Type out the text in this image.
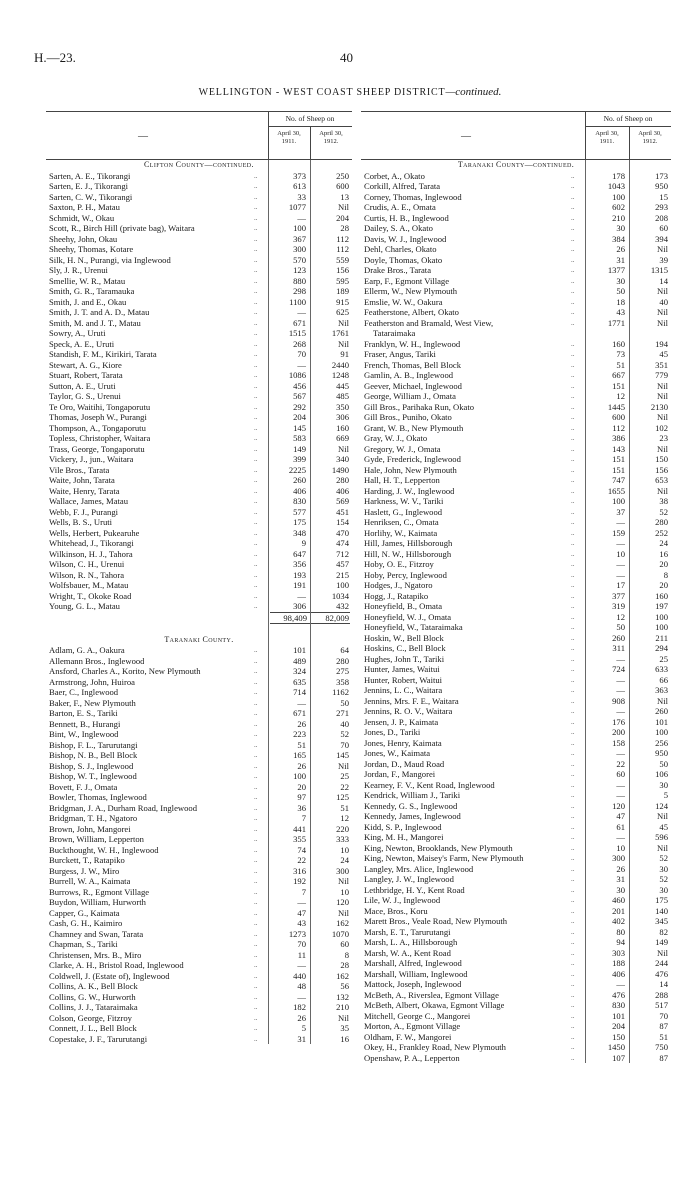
H.—23.	40
WELLINGTON - WEST COAST SHEEP DISTRICT—continued.
—
No. of Sheep on
April 30,
1911.
April 30,
1912.
Clifton County—continued.
Sarten, A. E., Tikorangi	..	373	250
Sarten, E. J., Tikorangi	..	613	600
Sarten, C. W., Tikorangi	..	33	13
Saxton, P. H., Matau	..	1077	Nil
Schmidt, W., Okau	..	—	204
Scott, R., Birch Hill (private bag), Waitara	..	100	28
Sheehy, John, Okau	..	367	112
Sheehy, Thomas, Kotare	..	300	112
Silk, H. N., Purangi, via Inglewood	..	570	559
Sly, J. R., Urenui	..	123	156
Smellie, W. R., Matau	..	880	595
Smith, G. R., Taramauka	..	298	189
Smith, J. and E., Okau	..	1100	915
Smith, J. T. and A. D., Matau	..	—	625
Smith, M. and J. T., Matau	..	671	Nil
Sowry, A., Uruti	..	1515	1761
Speck, A. E., Uruti	..	268	Nil
Standish, F. M., Kirikiri, Tarata	..	70	91
Stewart, A. G., Kiore	..	—	2440
Stuart, Robert, Tarata	..	1086	1248
Sutton, A. E., Uruti	..	456	445
Taylor, G. S., Urenui	..	567	485
Te Oro, Waitihi, Tongaporutu	..	292	350
Thomas, Joseph W., Purangi	..	204	306
Thompson, A., Tongaporutu	..	145	160
Topless, Christopher, Waitara	..	583	669
Trass, George, Tongaporutu	..	149	Nil
Vickery, J., jun., Waitara	..	399	340
Vile Bros., Tarata	..	2225	1490
Waite, John, Tarata	..	260	280
Waite, Henry, Tarata	..	406	406
Wallace, James, Matau	..	830	569
Webb, F. J., Purangi	..	577	451
Wells, B. S., Uruti	..	175	154
Wells, Herbert, Pukearuhe	..	348	470
Whitehead, J., Tikorangi	..	9	474
Wilkinson, H. J., Tahora	..	647	712
Wilson, C. H., Urenui	..	356	457
Wilson, R. N., Tahora	..	193	215
Wolfsbauer, M., Matau	..	191	100
Wright, T., Okoke Road	..	—	1034
Young, G. L., Matau	..	306	432
98,409	82,009
Taranaki County.
Adlam, G. A., Oakura	..	101	64
Allemann Bros., Inglewood	..	489	280
Ansford, Charles A., Korito, New Plymouth	..	324	275
Armstrong, John, Huiroa	..	635	358
Baer, C., Inglewood	..	714	1162
Baker, F., New Plymouth	..	—	50
Barton, E. S., Tariki	..	671	271
Bennett, B., Hurangi	..	26	40
Bint, W., Inglewood	..	223	52
Bishop, F. L., Tarurutangi	..	51	70
Bishop, N. B., Bell Block	..	165	145
Bishop, S. J., Inglewood	..	26	Nil
Bishop, W. T., Inglewood	..	100	25
Bovett, F. J., Omata	..	20	22
Bowler, Thomas, Inglewood	..	97	125
Bridgman, J. A., Durham Road, Inglewood	..	36	51
Bridgman, T. H., Ngatoro	..	7	12
Brown, John, Mangorei	..	441	220
Brown, William, Lepperton	..	355	333
Buckthought, W. H., Inglewood	..	74	10
Burckett, T., Ratapiko	..	22	24
Burgess, J. W., Miro	..	316	300
Burrell, W. A., Kaimata	..	192	Nil
Burrows, R., Egmont Village	..	7	10
Buydon, William, Hurworth	..	—	120
Capper, G., Kaimata	..	47	Nil
Cash, G. H., Kaimiro	..	43	162
Chamney and Swan, Tarata	..	1273	1070
Chapman, S., Tariki	..	70	60
Christensen, Mrs. B., Miro	..	11	8
Clarke, A. H., Bristol Road, Inglewood	..	—	28
Coldwell, J. (Estate of), Inglewood	..	440	162
Collins, A. K., Bell Block	..	48	56
Collins, G. W., Hurworth	..	—	132
Collins, J. J., Tataraimaka	..	182	210
Colson, George, Fitzroy	..	26	Nil
Connett, J. L., Bell Block	..	5	35
Copestake, J. F., Tarurutangi	..	31	16
—
No. of Sheep on
April 30,
1911.
April 30,
1912.
Taranaki County—continued.
Corbet, A., Okato	..	178	173
Corkill, Alfred, Tarata	..	1043	950
Corney, Thomas, Inglewood	..	100	15
Crudis, A. E., Omata	..	602	293
Curtis, H. B., Inglewood	..	210	208
Dailey, S. A., Okato	..	30	60
Davis, W. J., Inglewood	..	384	394
Dehl, Charles, Okato	..	26	Nil
Doyle, Thomas, Okato	..	31	39
Drake Bros., Tarata	..	1377	1315
Earp, F., Egmont Village	..	30	14
Ellerm, W., New Plymouth	..	50	Nil
Emslie, W. W., Oakura	..	18	40
Featherstone, Albert, Okato	..	43	Nil
Featherston and Bramald, West View,	..	1771	Nil
Tataraimaka
Franklyn, W. H., Inglewood	..	160	194
Fraser, Angus, Tariki	..	73	45
French, Thomas, Bell Block	..	51	351
Gamlin, A. B., Inglewood	..	667	779
Geever, Michael, Inglewood	..	151	Nil
George, William J., Omata	..	12	Nil
Gill Bros., Parihaka Run, Okato	..	1445	2130
Gill Bros., Puniho, Okato	..	600	Nil
Grant, W. B., New Plymouth	..	112	102
Gray, W. J., Okato	..	386	23
Gregory, W. J., Omata	..	143	Nil
Gyde, Frederick, Inglewood	..	151	150
Hale, John, New Plymouth	..	151	156
Hall, H. T., Lepperton	..	747	653
Harding, J. W., Inglewood	..	1655	Nil
Harkness, W. V., Tariki	..	100	38
Haslett, G., Inglewood	..	37	52
Henriksen, C., Omata	..	—	280
Horlihy, W., Kaimata	..	159	252
Hill, James, Hillsborough	..	—	24
Hill, N. W., Hillsborough	..	10	16
Hoby, O. E., Fitzroy	..	—	20
Hoby, Percy, Inglewood	..	—	8
Hodges, J., Ngatoro	..	17	20
Hogg, J., Ratapiko	..	377	160
Honeyfield, B., Omata	..	319	197
Honeyfield, W. J., Omata	..	12	100
Honeyfield, W., Tataraimaka	..	50	100
Hoskin, W., Bell Block	..	260	211
Hoskins, C., Bell Block	..	311	294
Hughes, John T., Tariki	..	—	25
Hunter, James, Waitui	..	724	633
Hunter, Robert, Waitui	..	—	66
Jennins, L. C., Waitara	..	—	363
Jennins, Mrs. F. E., Waitara	..	908	Nil
Jennins, R. O. V., Waitara	..	—	260
Jensen, J. P., Kaimata	..	176	101
Jones, D., Tariki	..	200	100
Jones, Henry, Kaimata	..	158	256
Jones, W., Kaimata	..	—	950
Jordan, D., Maud Road	..	22	50
Jordan, F., Mangorei	..	60	106
Kearney, F. V., Kent Road, Inglewood	..	—	30
Kendrick, William J., Tariki	..	—	5
Kennedy, G. S., Inglewood	..	120	124
Kennedy, James, Inglewood	..	47	Nil
Kidd, S. P., Inglewood	..	61	45
King, M. H., Mangorei	..	—	596
King, Newton, Brooklands, New Plymouth	..	10	Nil
King, Newton, Maisey's Farm, New Plymouth	..	300	52
Langley, Mrs. Alice, Inglewood	..	26	30
Langley, J. W., Inglewood	..	31	52
Lethbridge, H. Y., Kent Road	..	30	30
Lile, W. J., Inglewood	..	460	175
Mace, Bros., Koru	..	201	140
Marett Bros., Veale Road, New Plymouth	..	402	345
Marsh, E. T., Tarurutangi	..	80	82
Marsh, L. A., Hillsborough	..	94	149
Marsh, W. A., Kent Road	..	303	Nil
Marshall, Alfred, Inglewood	..	188	244
Marshall, William, Inglewood	..	406	476
Mattock, Joseph, Inglewood	..	—	14
McBeth, A., Riverslea, Egmont Village	..	476	288
McBeth, Albert, Okawa, Egmont Village	..	830	517
Mitchell, George C., Mangorei	..	101	70
Morton, A., Egmont Village	..	204	87
Oldham, F. W., Mangorei	..	150	51
Okey, H., Frankley Road, New Plymouth	..	1450	750
Openshaw, P. A., Lepperton	..	107	87
